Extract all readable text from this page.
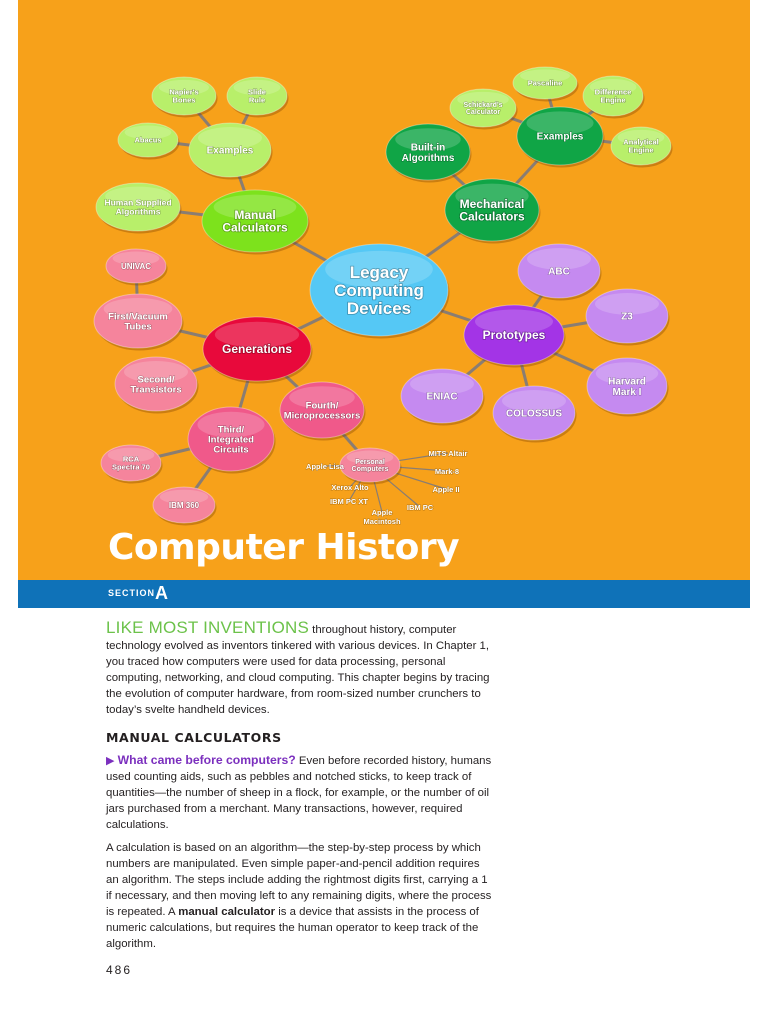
Legacy Computing Devices
Manual Calculators
Examples
Napier's Bones
Slide Rule
Abacus
Human Supplied Algorithms
Mechanical Calculators
Built-in Algorithms
Examples
Pascaline
Schickard's Calculator
Difference Engine
Analytical Engine
Generations
UNIVAC
First/Vacuum Tubes
Second/ Transistors
Third/ Integrated Circuits
RCA Spectra 70
IBM 360
Fourth/ Microprocessors
Personal Computers
Prototypes
ABC
Z3
Harvard Mark I
COLOSSUS
ENIAC
Apple Lisa
Xerox Alto
IBM PC XT
Apple Macintosh
IBM PC
Apple II
Mark-8
MITS Altair
Computer History
SECTION A

LIKE MOST INVENTIONS throughout history, computer technology evolved as inventors tinkered with various devices. In Chapter 1, you traced how computers were used for data processing, personal computing, networking, and cloud computing. This chapter begins by tracing the evolution of computer hardware, from room-sized number crunchers to today’s svelte handheld devices.

MANUAL CALCULATORS

▶ What came before computers? Even before recorded history, humans used counting aids, such as pebbles and notched sticks, to keep track of quantities—the number of sheep in a flock, for example, or the number of oil jars purchased from a merchant. Many transactions, however, required calculations.

A calculation is based on an algorithm—the step-by-step process by which numbers are manipulated. Even simple paper-and-pencil addition requires an algorithm. The steps include adding the rightmost digits first, carrying a 1 if necessary, and then moving left to any remaining digits, where the process is repeated. A manual calculator is a device that assists in the process of numeric calculations, but requires the human operator to keep track of the algorithm.

486
